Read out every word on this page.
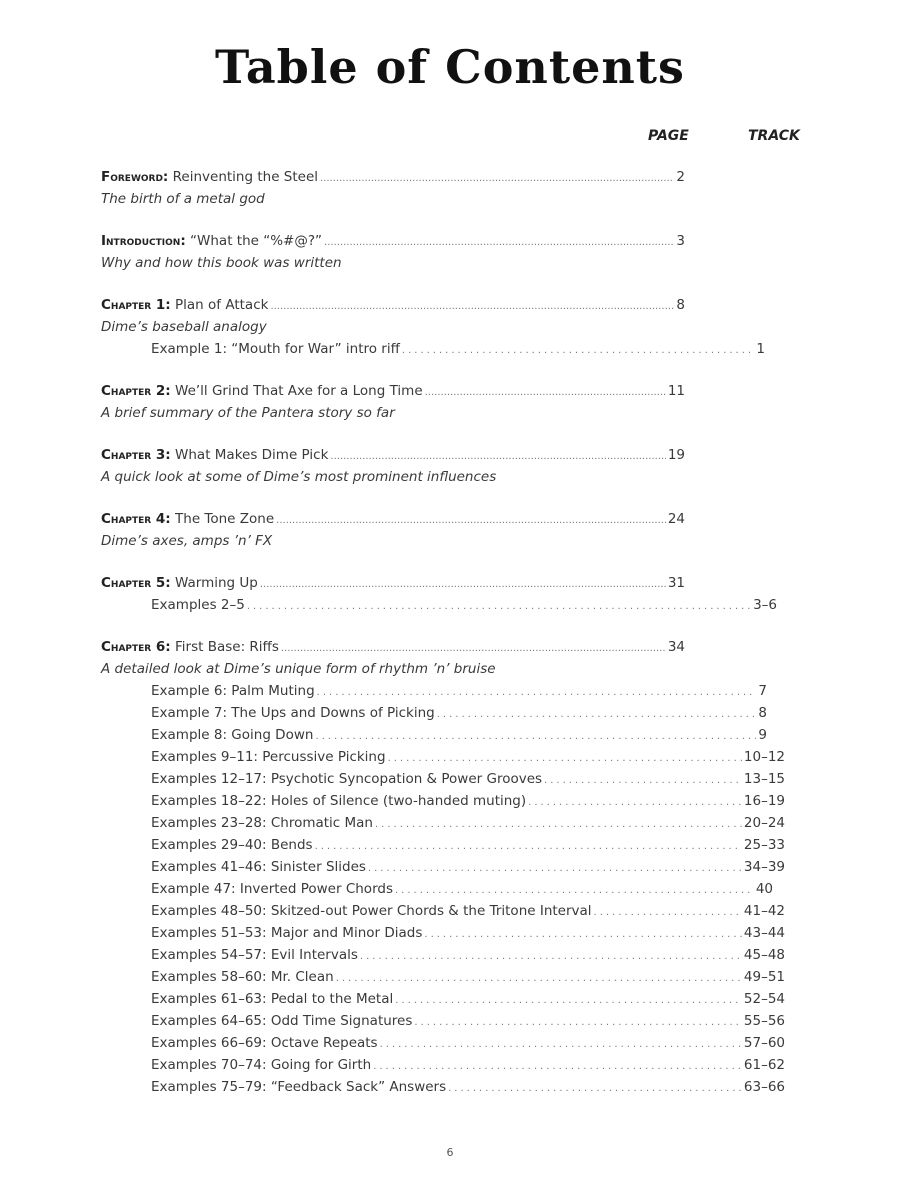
Table of Contents
PAGE	TRACK
Foreword:
Reinventing the Steel .....	2
The birth of a metal god
Introduction:
“What the “%#@?” .....	3
Why and how this book was written
Chapter 1:
Plan of Attack .....	8
Dime’s baseball analogy
Example 1: “Mouth for War” intro riff .....	1
Chapter 2:
We’ll Grind That Axe for a Long Time .....	11
A brief summary of the Pantera story so far
Chapter 3:
What Makes Dime Pick .....	19
A quick look at some of Dime’s most prominent influences
Chapter 4:
The Tone Zone .....	24
Dime’s axes, amps ’n’ FX
Chapter 5:
Warming Up .....	31
Examples 2–5 .....	3–6
Chapter 6:
First Base: Riffs .....	34
A detailed look at Dime’s unique form of rhythm ’n’ bruise
Example 6: Palm Muting .....	7
Example 7: The Ups and Downs of Picking .....	8
Example 8: Going Down .....	9
Examples 9–11: Percussive Picking .....	10–12
Examples 12–17: Psychotic Syncopation & Power Grooves .....	13–15
Examples 18–22: Holes of Silence (two-handed muting) .....	16–19
Examples 23–28: Chromatic Man .....	20–24
Examples 29–40: Bends .....	25–33
Examples 41–46: Sinister Slides .....	34–39
Example 47: Inverted Power Chords .....	40
Examples 48–50: Skitzed-out Power Chords & the Tritone Interval .....	41–42
Examples 51–53: Major and Minor Diads .....	43–44
Examples 54–57: Evil Intervals .....	45–48
Examples 58–60: Mr. Clean .....	49–51
Examples 61–63: Pedal to the Metal .....	52–54
Examples 64–65: Odd Time Signatures .....	55–56
Examples 66–69: Octave Repeats .....	57–60
Examples 70–74: Going for Girth .....	61–62
Examples 75–79: “Feedback Sack” Answers .....	63–66
6
